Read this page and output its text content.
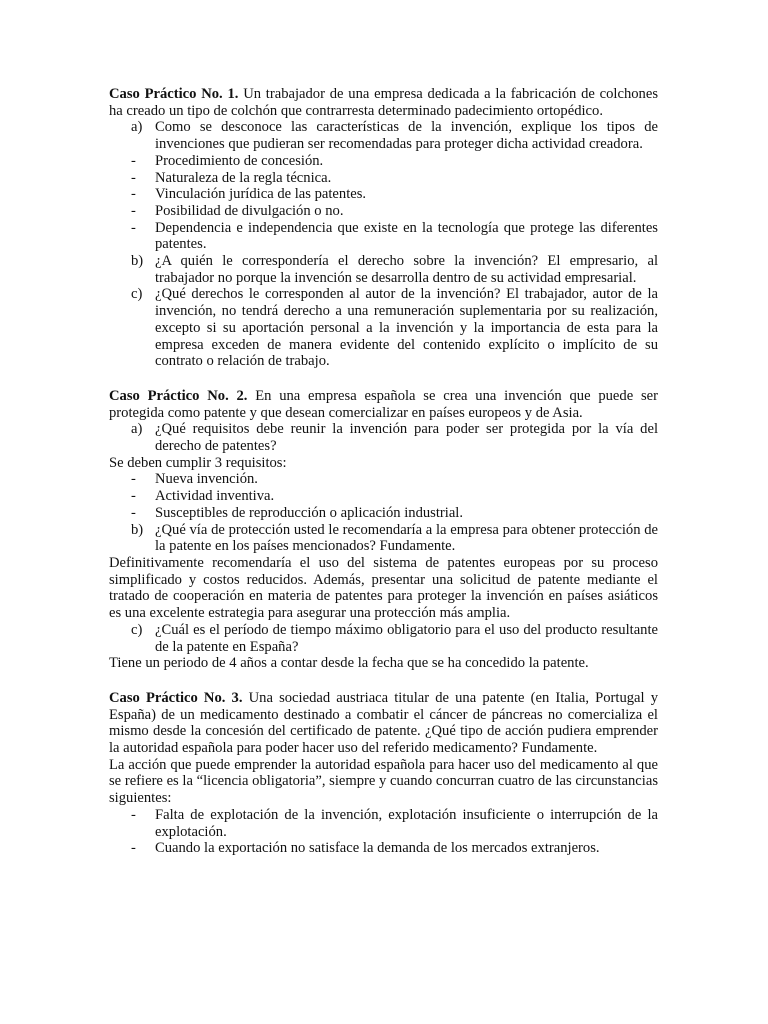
Caso Práctico No. 1. Un trabajador de una empresa dedicada a la fabricación de colchones ha creado un tipo de colchón que contrarresta determinado padecimiento ortopédico.

a) Como se desconoce las características de la invención, explique los tipos de invenciones que pudieran ser recomendadas para proteger dicha actividad creadora.
-	Procedimiento de concesión.
-	Naturaleza de la regla técnica.
-	Vinculación jurídica de las patentes.
-	Posibilidad de divulgación o no.
-	Dependencia e independencia que existe en la tecnología que protege las diferentes patentes.
b) ¿A quién le correspondería el derecho sobre la invención? El empresario, al trabajador no porque la invención se desarrolla dentro de su actividad empresarial.
c) ¿Qué derechos le corresponden al autor de la invención? El trabajador, autor de la invención, no tendrá derecho a una remuneración suplementaria por su realización, excepto si su aportación personal a la invención y la importancia de esta para la empresa exceden de manera evidente del contenido explícito o implícito de su contrato o relación de trabajo.

Caso Práctico No. 2. En una empresa española se crea una invención que puede ser protegida como patente y que desean comercializar en países europeos y de Asia.

a) ¿Qué requisitos debe reunir la invención para poder ser protegida por la vía del derecho de patentes?

Se deben cumplir 3 requisitos:

-	Nueva invención.
-	Actividad inventiva.
-	Susceptibles de reproducción o aplicación industrial.
b) ¿Qué vía de protección usted le recomendaría a la empresa para obtener protección de la patente en los países mencionados? Fundamente.

Definitivamente recomendaría el uso del sistema de patentes europeas por su proceso simplificado y costos reducidos. Además, presentar una solicitud de patente mediante el tratado de cooperación en materia de patentes para proteger la invención en países asiáticos es una excelente estrategia para asegurar una protección más amplia.

c) ¿Cuál es el período de tiempo máximo obligatorio para el uso del producto resultante de la patente en España?

Tiene un periodo de 4 años a contar desde la fecha que se ha concedido la patente.

Caso Práctico No. 3. Una sociedad austriaca titular de una patente (en Italia, Portugal y España) de un medicamento destinado a combatir el cáncer de páncreas no comercializa el mismo desde la concesión del certificado de patente. ¿Qué tipo de acción pudiera emprender la autoridad española para poder hacer uso del referido medicamento? Fundamente.

La acción que puede emprender la autoridad española para hacer uso del medicamento al que se refiere es la “licencia obligatoria”, siempre y cuando concurran cuatro de las circunstancias siguientes:

-	Falta de explotación de la invención, explotación insuficiente o interrupción de la explotación.
-	Cuando la exportación no satisface la demanda de los mercados extranjeros.
